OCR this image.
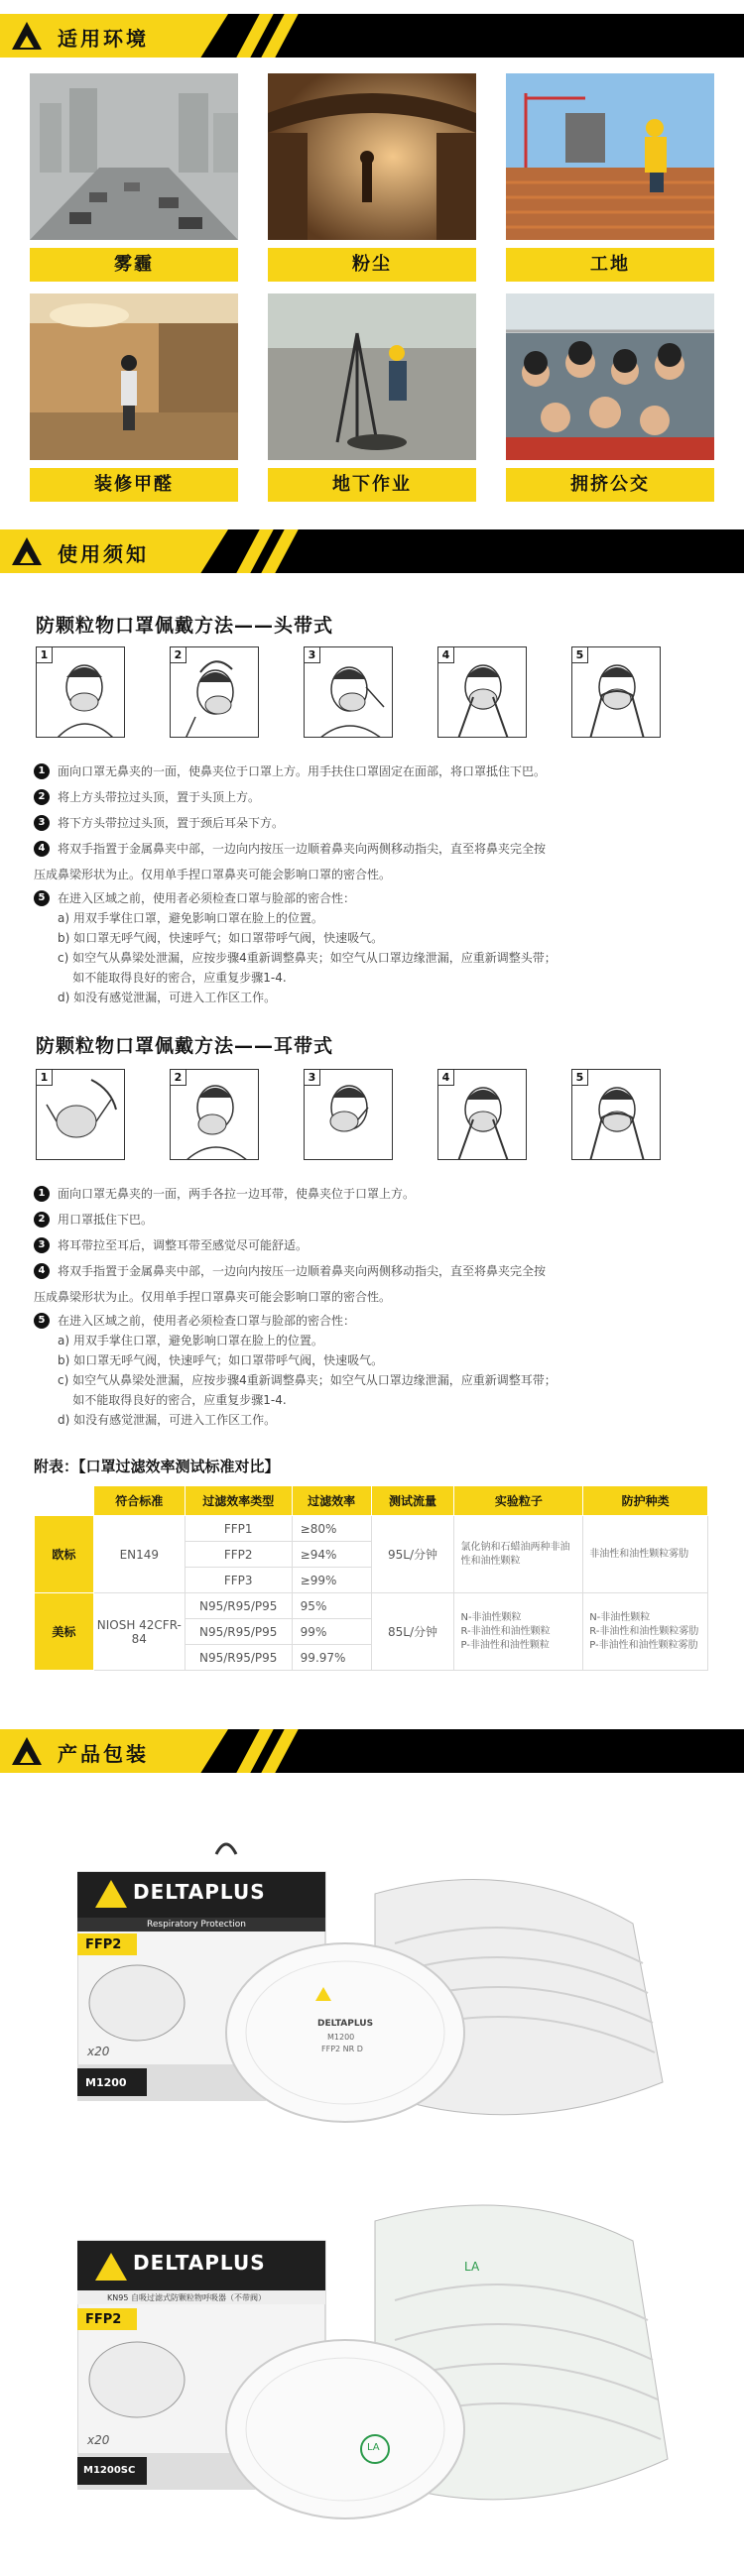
适用环境
雾霾	粉尘	工地
装修甲醛	地下作业	拥挤公交
使用须知
防颗粒物口罩佩戴方法——头带式
1	2	3	4	5
1	面向口罩无鼻夹的一面，使鼻夹位于口罩上方。用手扶住口罩固定在面部，将口罩抵住下巴。
2	将上方头带拉过头顶，置于头顶上方。
3	将下方头带拉过头顶，置于颈后耳朵下方。
4	将双手指置于金属鼻夹中部，一边向内按压一边顺着鼻夹向两侧移动指尖，直至将鼻夹完全按
压成鼻梁形状为止。仅用单手捏口罩鼻夹可能会影响口罩的密合性。
5	在进入区域之前，使用者必须检查口罩与脸部的密合性：
a) 用双手掌住口罩，避免影响口罩在脸上的位置。
b) 如口罩无呼气阀，快速呼气；如口罩带呼气阀，快速吸气。
c) 如空气从鼻梁处泄漏，应按步骤4重新调整鼻夹；如空气从口罩边缘泄漏，应重新调整头带；
如不能取得良好的密合，应重复步骤1-4.
d) 如没有感觉泄漏，可进入工作区工作。
防颗粒物口罩佩戴方法——耳带式
1	2	3	4	5
1	面向口罩无鼻夹的一面，两手各拉一边耳带，使鼻夹位于口罩上方。
2	用口罩抵住下巴。
3	将耳带拉至耳后，调整耳带至感觉尽可能舒适。
4	将双手指置于金属鼻夹中部，一边向内按压一边顺着鼻夹向两侧移动指尖，直至将鼻夹完全按
压成鼻梁形状为止。仅用单手捏口罩鼻夹可能会影响口罩的密合性。
5	在进入区域之前，使用者必须检查口罩与脸部的密合性：
a) 用双手掌住口罩，避免影响口罩在脸上的位置。
b) 如口罩无呼气阀，快速呼气；如口罩带呼气阀，快速吸气。
c) 如空气从鼻梁处泄漏，应按步骤4重新调整鼻夹；如空气从口罩边缘泄漏，应重新调整耳带；
如不能取得良好的密合，应重复步骤1-4.
d) 如没有感觉泄漏，可进入工作区工作。
附表：【口罩过滤效率测试标准对比】
	符合标准	过滤效率类型	过滤效率	测试流量	实验粒子	防护种类
欧标	EN149	FFP1	≥80%	95L/分钟	氯化钠和石蜡油两种非油性和油性颗粒	非油性和油性颗粒雾肋
		FFP2	≥94%			
		FFP3	≥99%			
美标	NIOSH 42CFR-84	N95/R95/P95	95%	85L/分钟	N-非油性颗粒
R-非油性和油性颗粒
P-非油性和油性颗粒	N-非油性颗粒
R-非油性和油性颗粒雾肋
P-非油性和油性颗粒雾肋
		N95/R95/P95	99%			
		N95/R95/P95	99.97%			
产品包装
DELTAPLUS
Respiratory Protection
FFP2
x20
M1200
DELTAPLUS
M1200
FFP2 NR D
LA
DELTAPLUS
KN95 自吸过滤式防颗粒物呼吸器（不带阀）
FFP2
x20
M1200SC
LA
